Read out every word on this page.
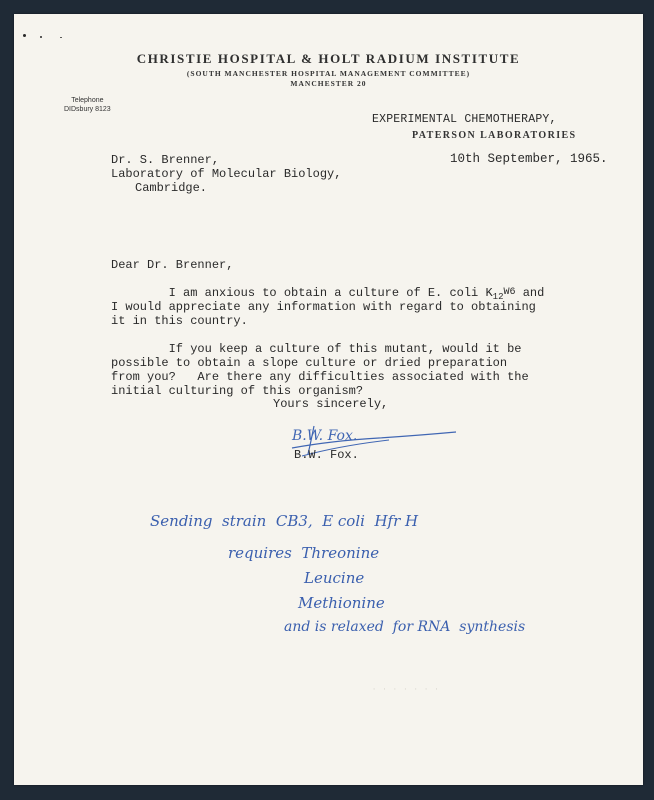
CHRISTIE HOSPITAL & HOLT RADIUM INSTITUTE
(SOUTH MANCHESTER HOSPITAL MANAGEMENT COMMITTEE)
MANCHESTER 20
Telephone
DIDsbury 8123
EXPERIMENTAL CHEMOTHERAPY,
PATERSON LABORATORIES
10th September, 1965.
Dr. S. Brenner,
Laboratory of Molecular Biology,
Cambridge.
Dear Dr. Brenner,
I am anxious to obtain a culture of E. coli $K_{12}W6$ and
I would appreciate any information with regard to obtaining
it in this country.
If you keep a culture of this mutant, would it be
possible to obtain a slope culture or dried preparation
from you?   Are there any difficulties associated with the
initial culturing of this organism?
Yours sincerely,
B.W. Fox.
B.W. Fox.
Sending  strain  CB3,  E coli  Hfr H
requires  Threonine
Leucine
Methionine
and is relaxed  for RNA  synthesis
· · · · · · ·
